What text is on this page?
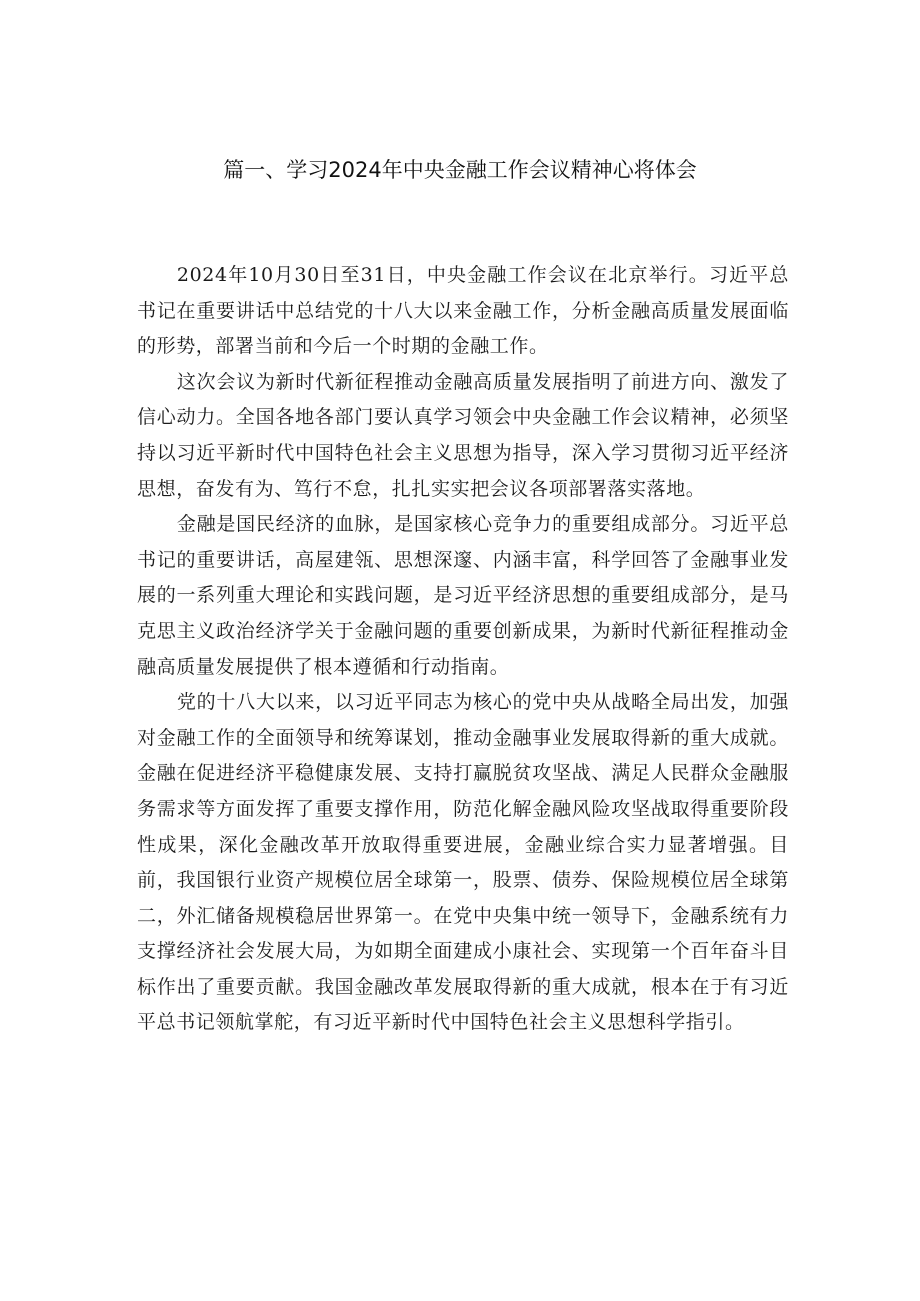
篇一、学习2024年中央金融工作会议精神心将体会

2024年10月30日至31日，中央金融工作会议在北京举行。习近平总书记在重要讲话中总结党的十八大以来金融工作，分析金融高质量发展面临的形势，部署当前和今后一个时期的金融工作。

这次会议为新时代新征程推动金融高质量发展指明了前进方向、激发了信心动力。全国各地各部门要认真学习领会中央金融工作会议精神，必须坚持以习近平新时代中国特色社会主义思想为指导，深入学习贯彻习近平经济思想，奋发有为、笃行不怠，扎扎实实把会议各项部署落实落地。

金融是国民经济的血脉，是国家核心竞争力的重要组成部分。习近平总书记的重要讲话，高屋建瓴、思想深邃、内涵丰富，科学回答了金融事业发展的一系列重大理论和实践问题，是习近平经济思想的重要组成部分，是马克思主义政治经济学关于金融问题的重要创新成果，为新时代新征程推动金融高质量发展提供了根本遵循和行动指南。

党的十八大以来，以习近平同志为核心的党中央从战略全局出发，加强对金融工作的全面领导和统筹谋划，推动金融事业发展取得新的重大成就。金融在促进经济平稳健康发展、支持打赢脱贫攻坚战、满足人民群众金融服务需求等方面发挥了重要支撑作用，防范化解金融风险攻坚战取得重要阶段性成果，深化金融改革开放取得重要进展，金融业综合实力显著增强。目前，我国银行业资产规模位居全球第一，股票、债券、保险规模位居全球第二，外汇储备规模稳居世界第一。在党中央集中统一领导下，金融系统有力支撑经济社会发展大局，为如期全面建成小康社会、实现第一个百年奋斗目标作出了重要贡献。我国金融改革发展取得新的重大成就，根本在于有习近平总书记领航掌舵，有习近平新时代中国特色社会主义思想科学指引。
